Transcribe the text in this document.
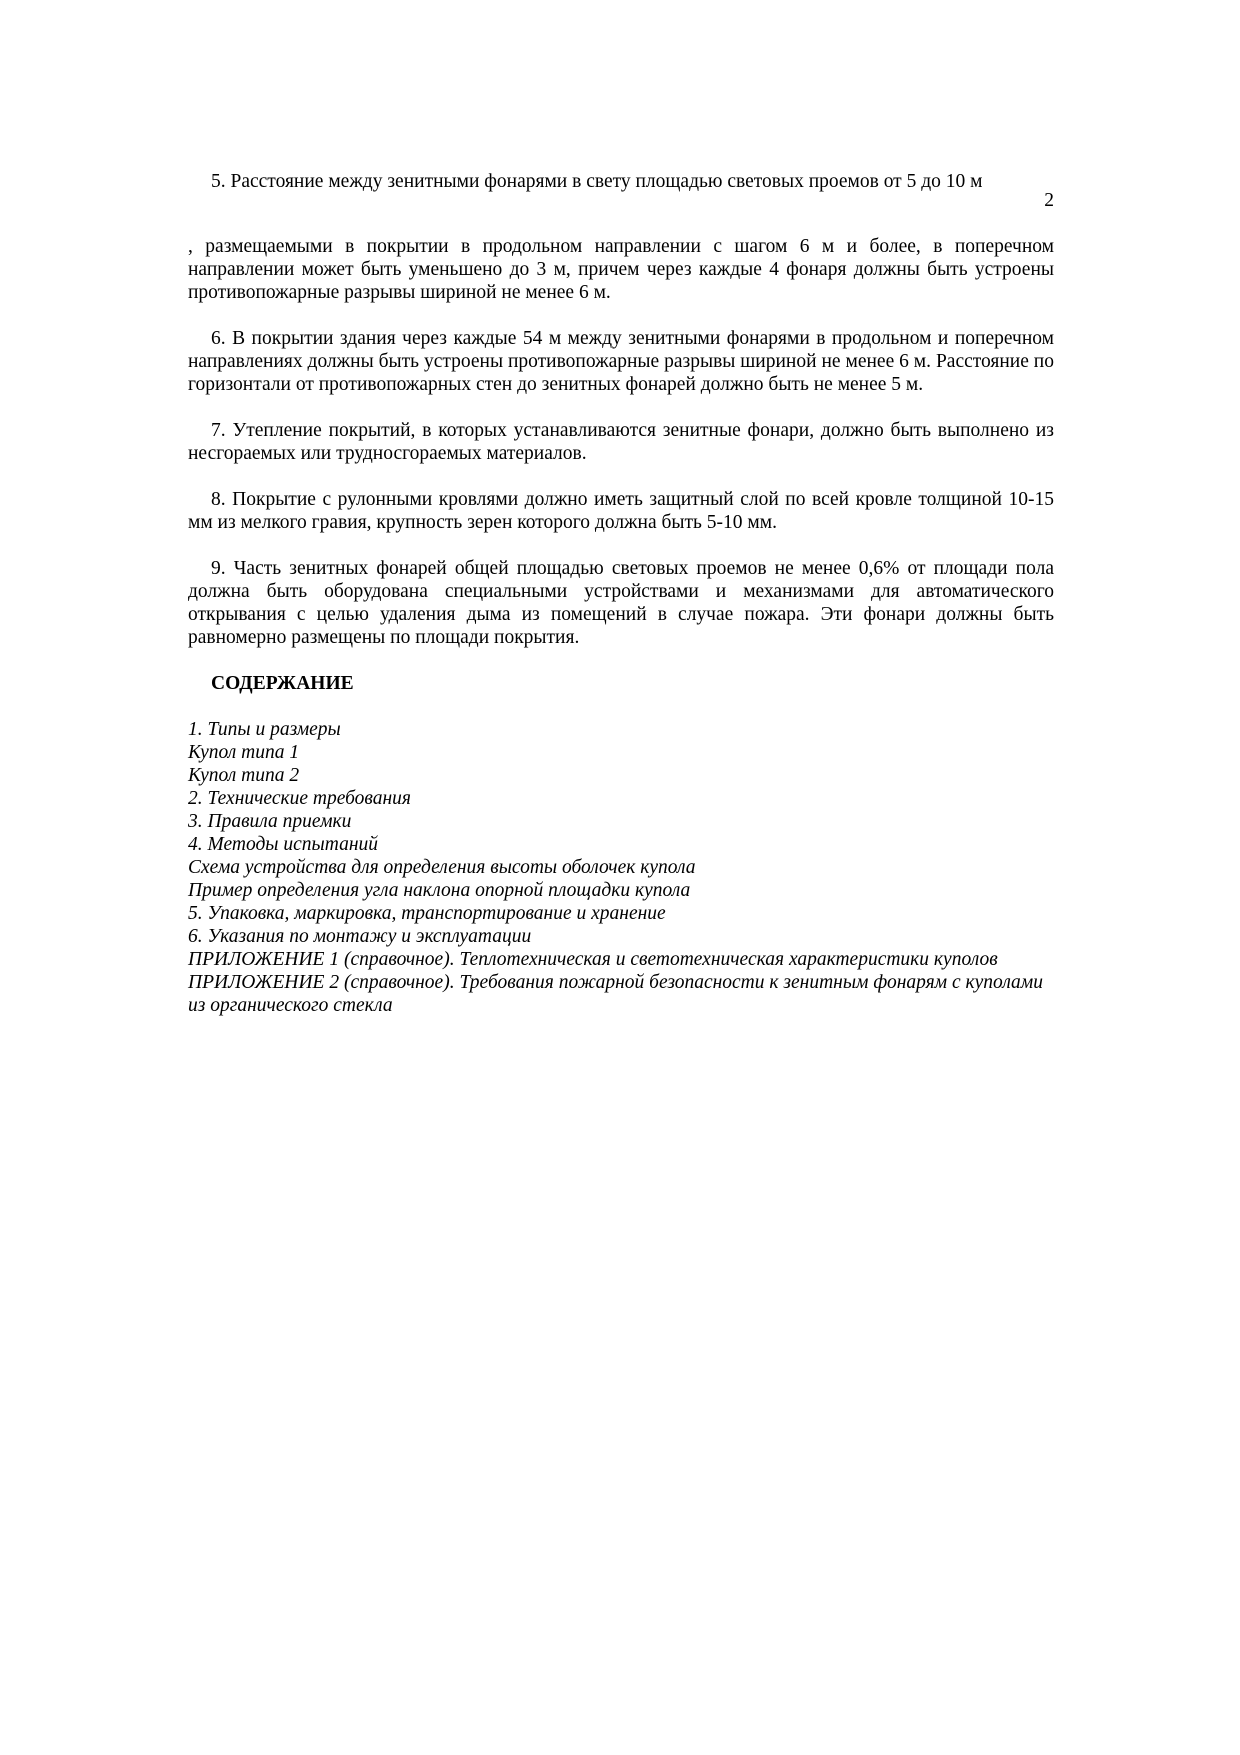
5. Расстояние между зенитными фонарями в свету площадью световых проемов от 5 до 10 м
2

, размещаемыми в покрытии в продольном направлении с шагом 6 м и более, в поперечном направлении может быть уменьшено до 3 м, причем через каждые 4 фонаря должны быть устроены противопожарные разрывы шириной не менее 6 м.

6. В покрытии здания через каждые 54 м между зенитными фонарями в продольном и поперечном направлениях должны быть устроены противопожарные разрывы шириной не менее 6 м. Расстояние по горизонтали от противопожарных стен до зенитных фонарей должно быть не менее 5 м.

7. Утепление покрытий, в которых устанавливаются зенитные фонари, должно быть выполнено из несгораемых или трудносгораемых материалов.

8. Покрытие с рулонными кровлями должно иметь защитный слой по всей кровле толщиной 10-15 мм из мелкого гравия, крупность зерен которого должна быть 5-10 мм.

9. Часть зенитных фонарей общей площадью световых проемов не менее 0,6% от площади пола должна быть оборудована специальными устройствами и механизмами для автоматического открывания с целью удаления дыма из помещений в случае пожара. Эти фонари должны быть равномерно размещены по площади покрытия.

СОДЕРЖАНИЕ
1. Типы и размеры
Купол типа 1
Купол типа 2
2. Технические требования
3. Правила приемки
4. Методы испытаний
Схема устройства для определения высоты оболочек купола
Пример определения угла наклона опорной площадки купола
5. Упаковка, маркировка, транспортирование и хранение
6. Указания по монтажу и эксплуатации
ПРИЛОЖЕНИЕ 1 (справочное). Теплотехническая и светотехническая характеристики куполов
ПРИЛОЖЕНИЕ 2 (справочное). Требования пожарной безопасности к зенитным фонарям с куполами из органического стекла
